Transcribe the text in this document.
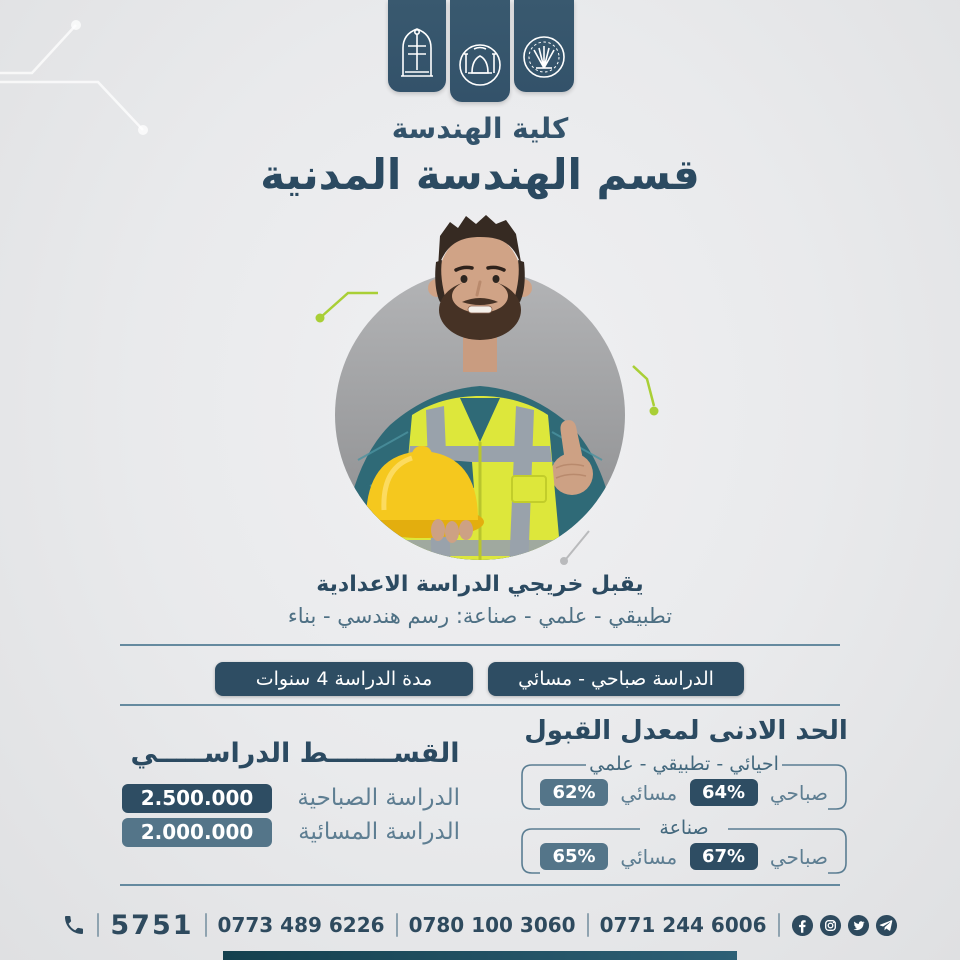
كلية الهندسة
قسم الهندسة المدنية
يقبل خريجي الدراسة الاعدادية
تطبيقي - علمي - صناعة: رسم هندسي - بناء
الدراسة صباحي - مسائي
مدة الدراسة 4 سنوات
القســـــــط الدراســـــي
الدراسة الصباحية
2.500.000
الدراسة المسائية
2.000.000
الحد الادنى لمعدل القبول
احيائي - تطبيقي - علمي
صباحي
64%
مسائي
62%
صناعة
صباحي
67%
مسائي
65%
5751 0773 489 6226 0780 100 3060 0771 244 6006
